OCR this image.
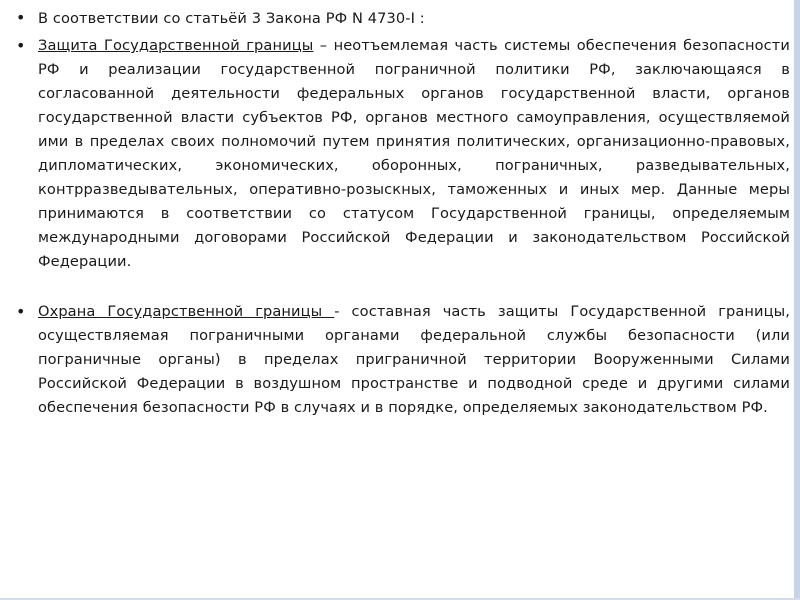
• В соответствии со статьёй 3 Закона РФ N 4730-I :

• Защита Государственной границы – неотъемлемая часть системы обеспечения безопасности РФ и реализации государственной пограничной политики РФ, заключающаяся в согласованной деятельности федеральных органов государственной власти, органов государственной власти субъектов РФ, органов местного самоуправления, осуществляемой ими в пределах своих полномочий путем принятия политических, организационно-правовых, дипломатических, экономических, оборонных, пограничных, разведывательных, контрразведывательных, оперативно-розыскных, таможенных и иных мер. Данные меры принимаются в соответствии со статусом Государственной границы, определяемым международными договорами Российской Федерации и законодательством Российской Федерации.

• Охрана Государственной границы - составная часть защиты Государственной границы, осуществляемая пограничными органами федеральной службы безопасности (или пограничные органы) в пределах приграничной территории Вооруженными Силами Российской Федерации в воздушном пространстве и подводной среде и другими силами обеспечения безопасности РФ в случаях и в порядке, определяемых законодательством РФ.
